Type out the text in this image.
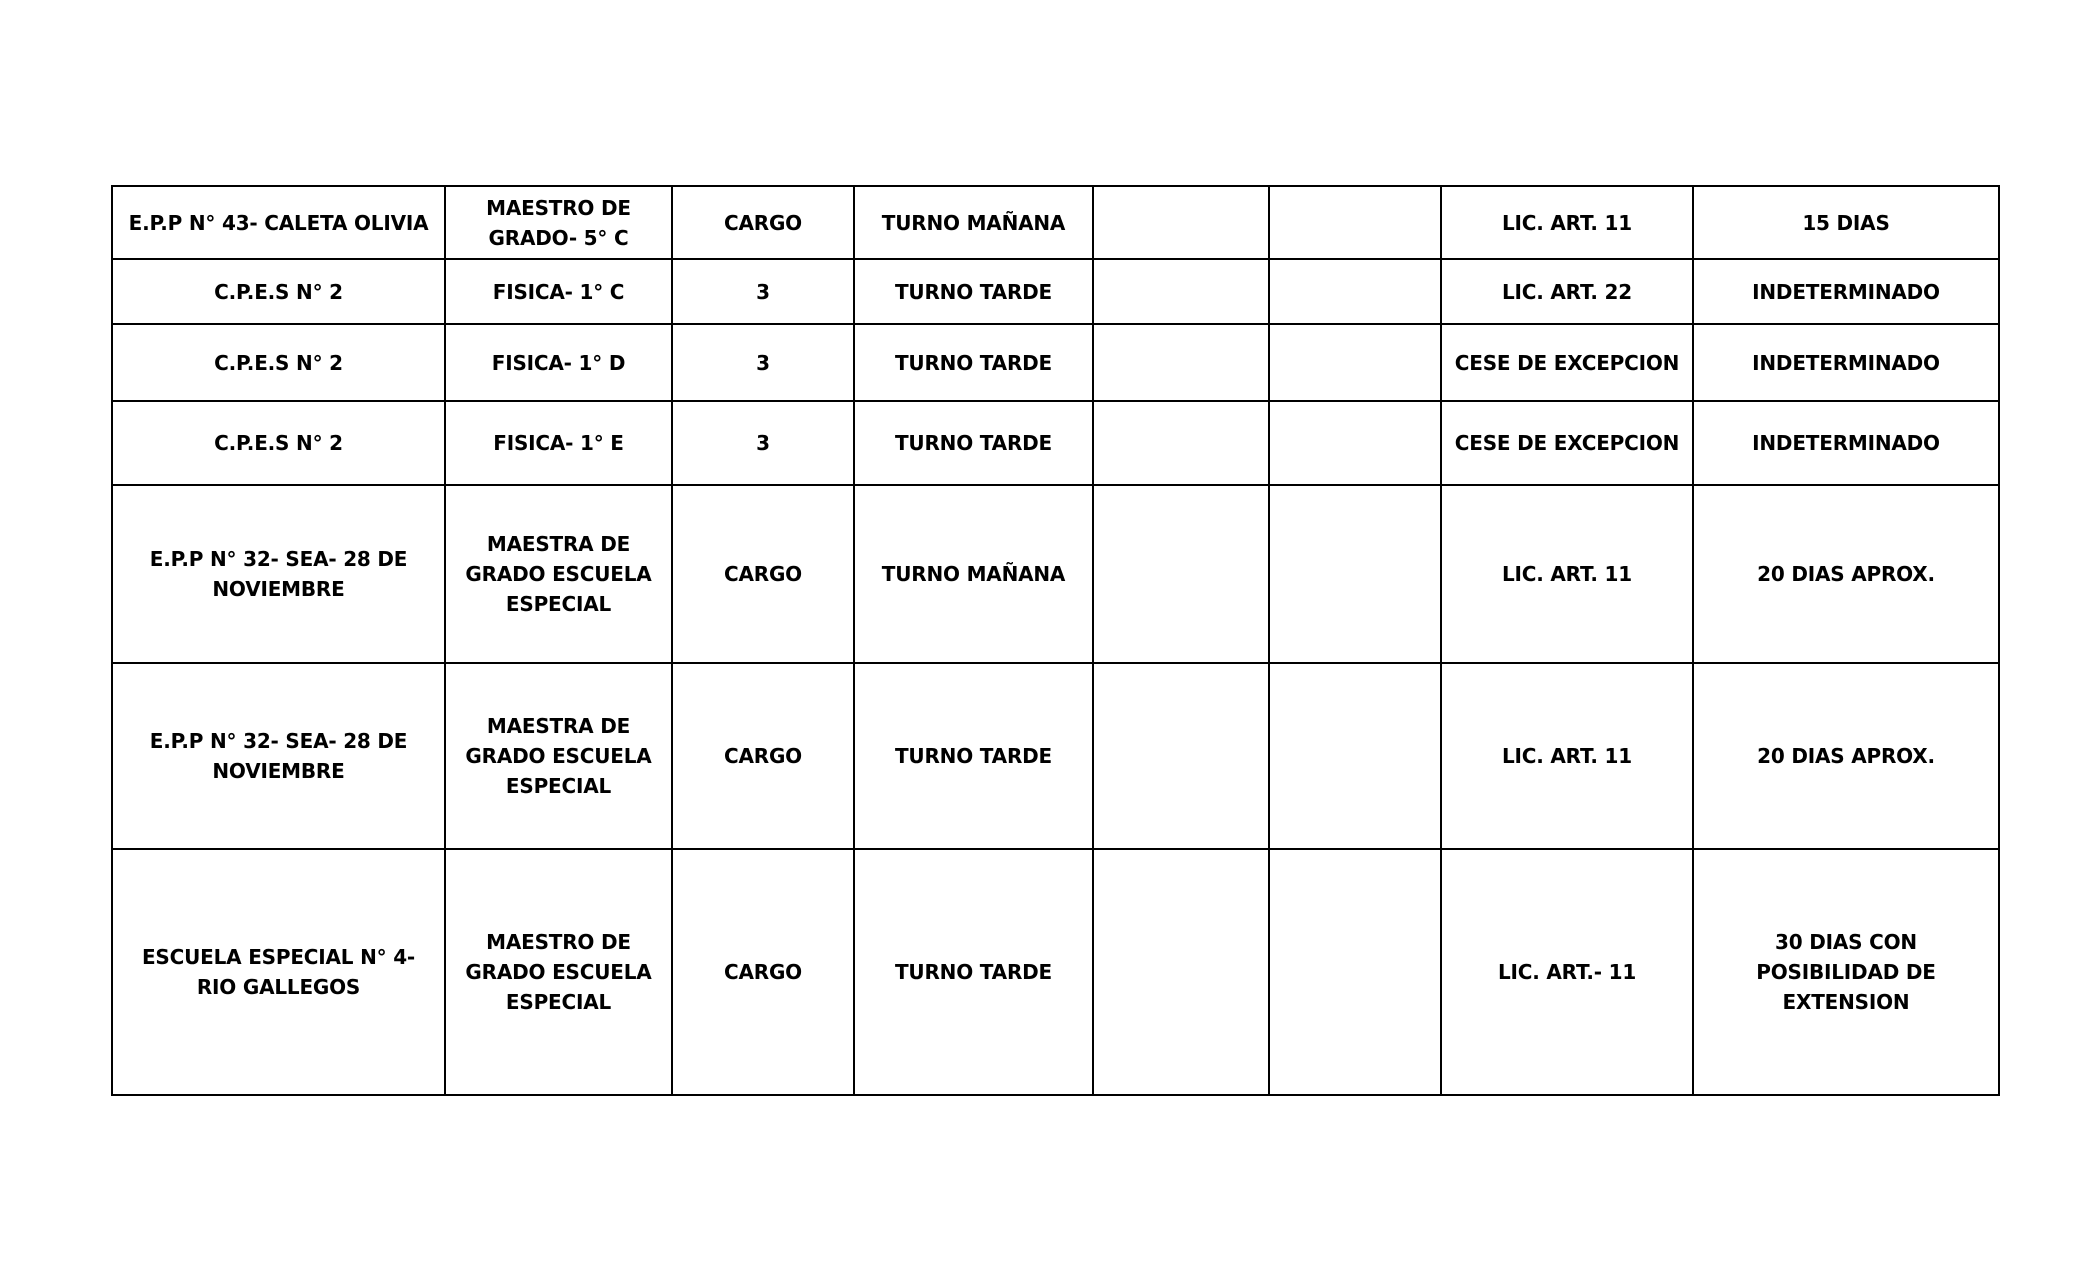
E.P.P N° 43- CALETA OLIVIA	MAESTRO DE GRADO- 5° C	CARGO	TURNO MAÑANA			LIC. ART. 11	15 DIAS
C.P.E.S N° 2	FISICA- 1° C	3	TURNO TARDE			LIC. ART. 22	INDETERMINADO
C.P.E.S N° 2	FISICA- 1° D	3	TURNO TARDE			CESE DE EXCEPCION	INDETERMINADO
C.P.E.S N° 2	FISICA- 1° E	3	TURNO TARDE			CESE DE EXCEPCION	INDETERMINADO
E.P.P N° 32- SEA- 28 DE NOVIEMBRE	MAESTRA DE GRADO ESCUELA ESPECIAL	CARGO	TURNO MAÑANA			LIC. ART. 11	20 DIAS APROX.
E.P.P N° 32- SEA- 28 DE NOVIEMBRE	MAESTRA DE GRADO ESCUELA ESPECIAL	CARGO	TURNO TARDE			LIC. ART. 11	20 DIAS APROX.
ESCUELA ESPECIAL N° 4- RIO GALLEGOS	MAESTRO DE GRADO ESCUELA ESPECIAL	CARGO	TURNO TARDE			LIC. ART.- 11	30 DIAS CON POSIBILIDAD DE EXTENSION
